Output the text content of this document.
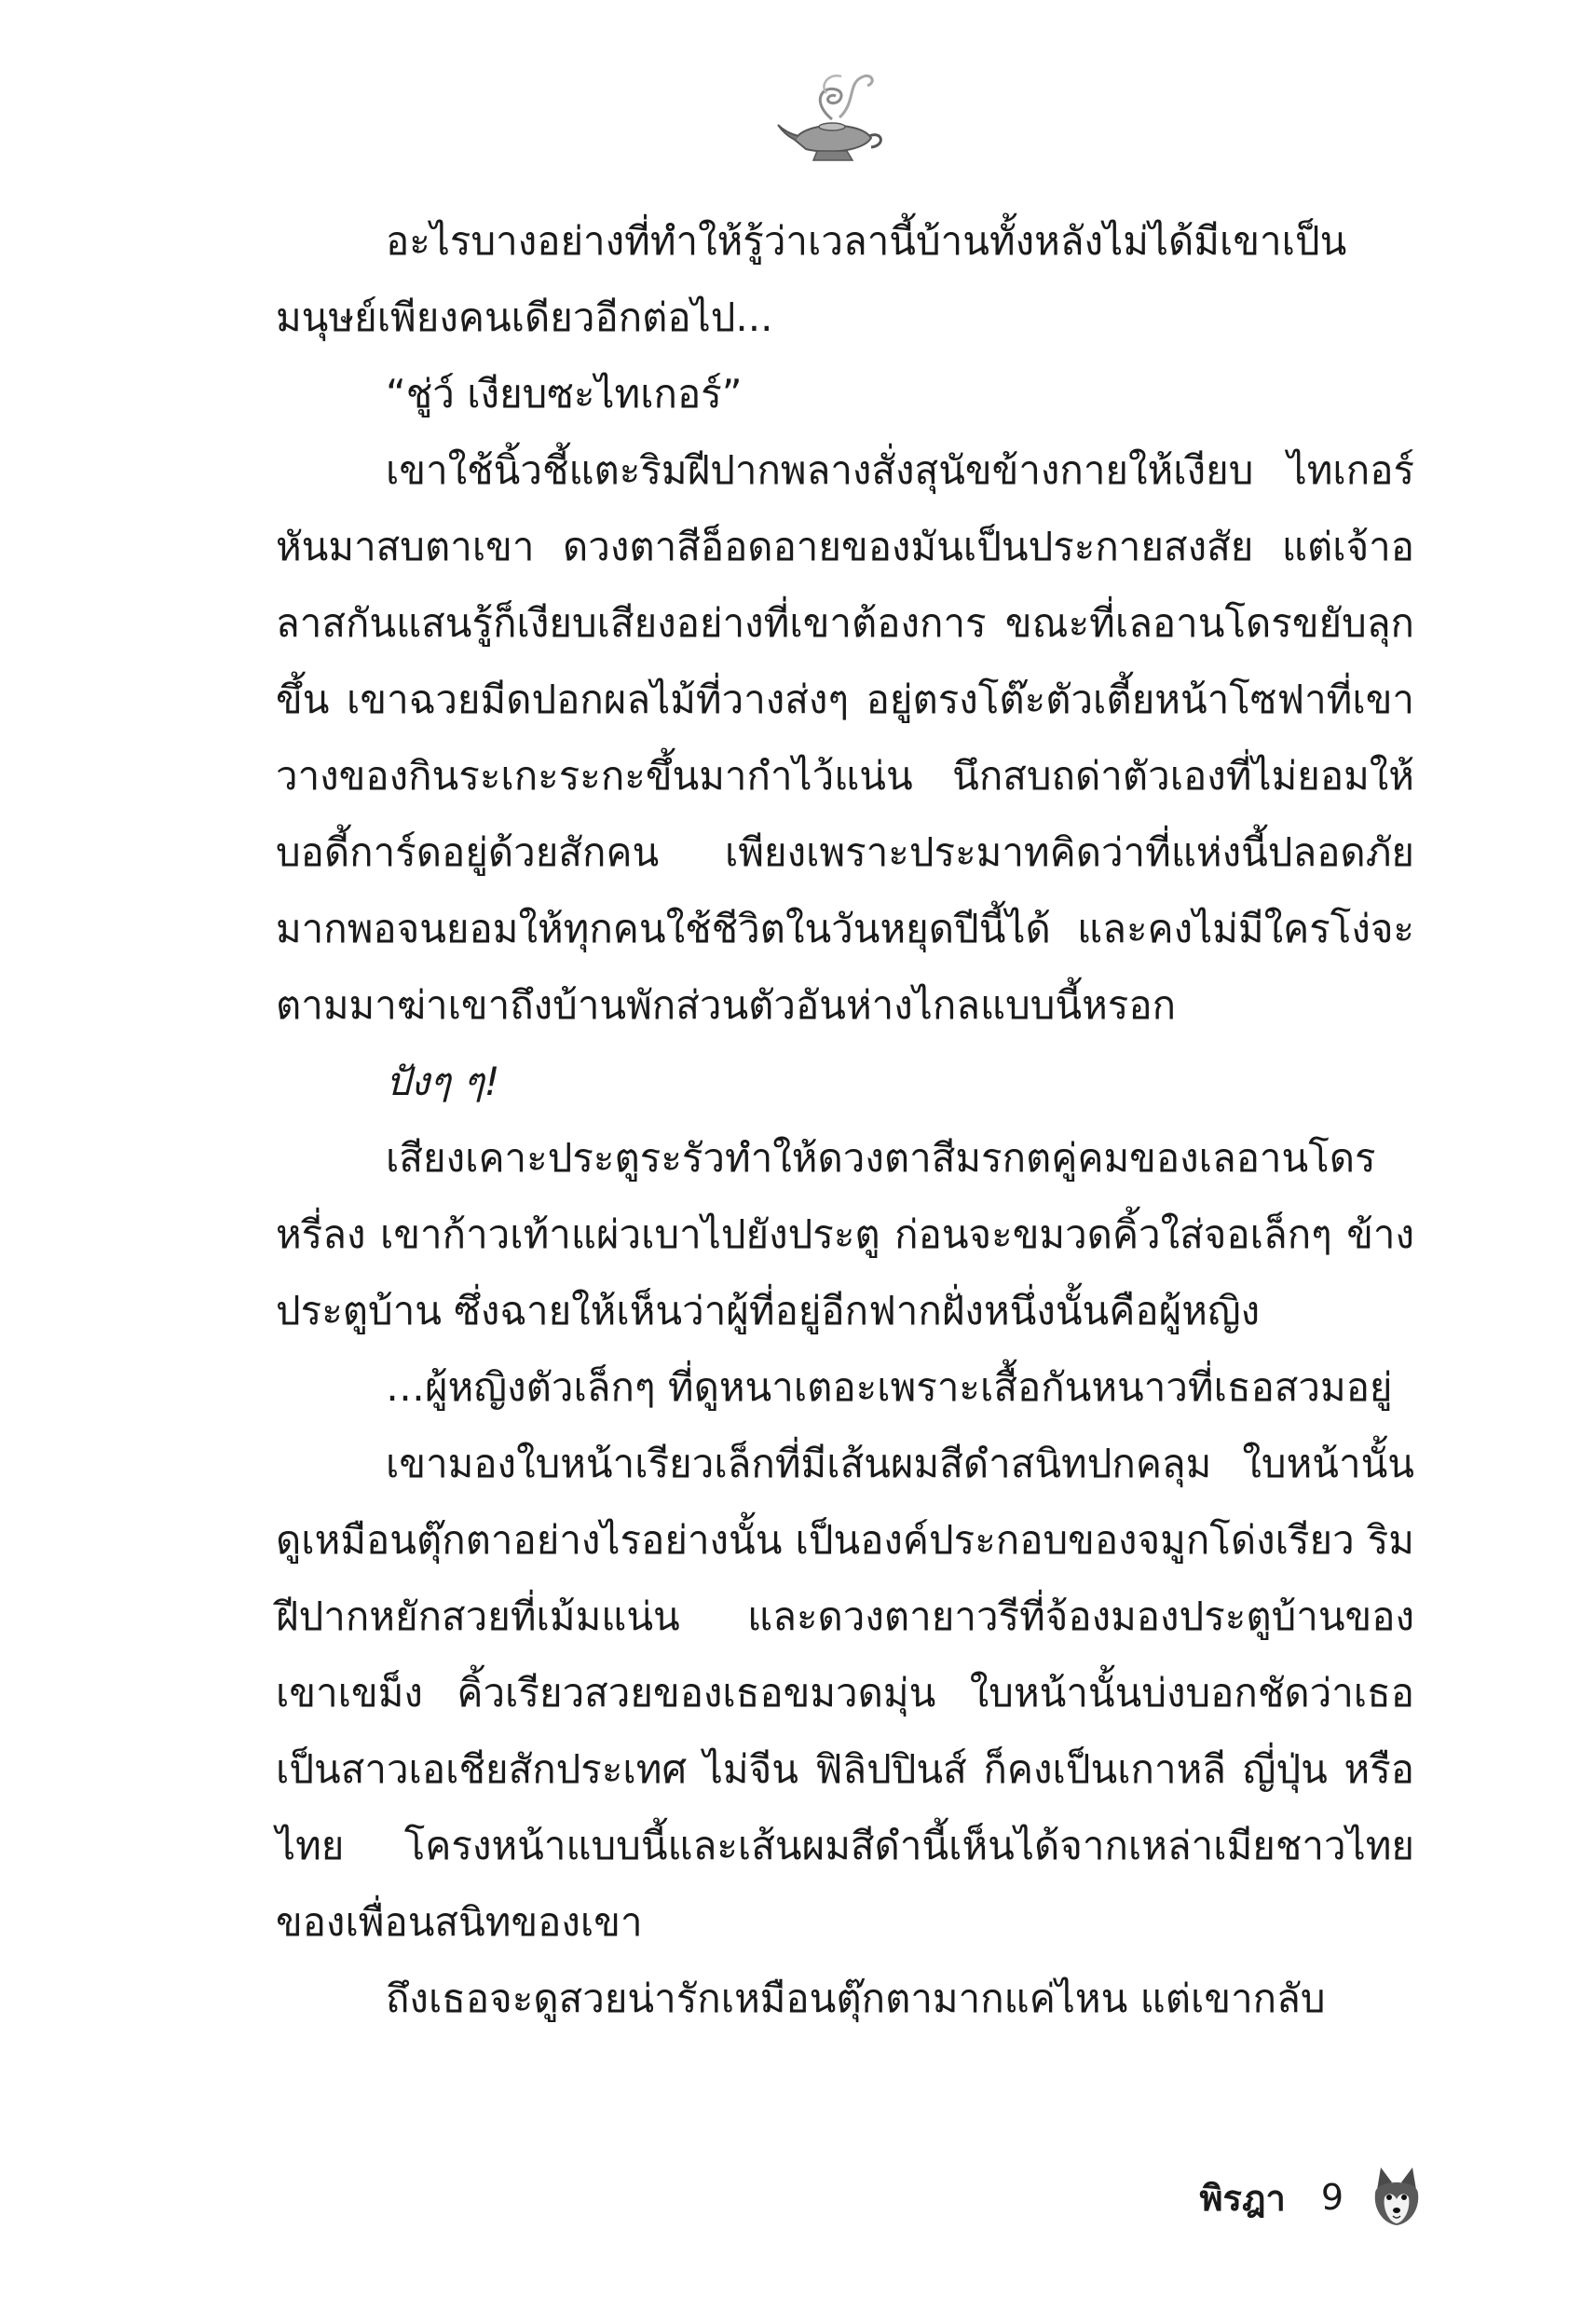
อะไรบางอย่างที่ทำให้รู้ว่าเวลานี้บ้านทั้งหลังไม่ได้มีเขาเป็นมนุษย์เพียงคนเดียวอีกต่อไป...

“ชู่ว์ เงียบซะไทเกอร์”

เขาใช้นิ้วชี้แตะริมฝีปากพลางสั่งสุนัขข้างกายให้เงียบ ไทเกอร์หันมาสบตาเขา ดวงตาสีอ็อดอายของมันเป็นประกายสงสัย แต่เจ้าอลาสกันแสนรู้ก็เงียบเสียงอย่างที่เขาต้องการ ขณะที่เลอานโดรขยับลุกขึ้น เขาฉวยมีดปอกผลไม้ที่วางส่งๆ อยู่ตรงโต๊ะตัวเตี้ยหน้าโซฟาที่เขาวางของกินระเกะระกะขึ้นมากำไว้แน่น นึกสบถด่าตัวเองที่ไม่ยอมให้บอดี้การ์ดอยู่ด้วยสักคน เพียงเพราะประมาทคิดว่าที่แห่งนี้ปลอดภัยมากพอจนยอมให้ทุกคนใช้ชีวิตในวันหยุดปีนี้ได้ และคงไม่มีใครโง่จะตามมาฆ่าเขาถึงบ้านพักส่วนตัวอันห่างไกลแบบนี้หรอก

ปังๆ ๆ!

เสียงเคาะประตูระรัวทำให้ดวงตาสีมรกตคู่คมของเลอานโดรหรี่ลง เขาก้าวเท้าแผ่วเบาไปยังประตู ก่อนจะขมวดคิ้วใส่จอเล็กๆ ข้างประตูบ้าน ซึ่งฉายให้เห็นว่าผู้ที่อยู่อีกฟากฝั่งหนึ่งนั้นคือผู้หญิง

…ผู้หญิงตัวเล็กๆ ที่ดูหนาเตอะเพราะเสื้อกันหนาวที่เธอสวมอยู่

เขามองใบหน้าเรียวเล็กที่มีเส้นผมสีดำสนิทปกคลุม ใบหน้านั้นดูเหมือนตุ๊กตาอย่างไรอย่างนั้น เป็นองค์ประกอบของจมูกโด่งเรียว ริมฝีปากหยักสวยที่เม้มแน่น และดวงตายาวรีที่จ้องมองประตูบ้านของเขาเขม็ง คิ้วเรียวสวยของเธอขมวดมุ่น ใบหน้านั้นบ่งบอกชัดว่าเธอเป็นสาวเอเชียสักประเทศ ไม่จีน ฟิลิปปินส์ ก็คงเป็นเกาหลี ญี่ปุ่น หรือไทย โครงหน้าแบบนี้และเส้นผมสีดำนี้เห็นได้จากเหล่าเมียชาวไทยของเพื่อนสนิทของเขา

ถึงเธอจะดูสวยน่ารักเหมือนตุ๊กตามากแค่ไหน แต่เขากลับ

พิรฎา 9
